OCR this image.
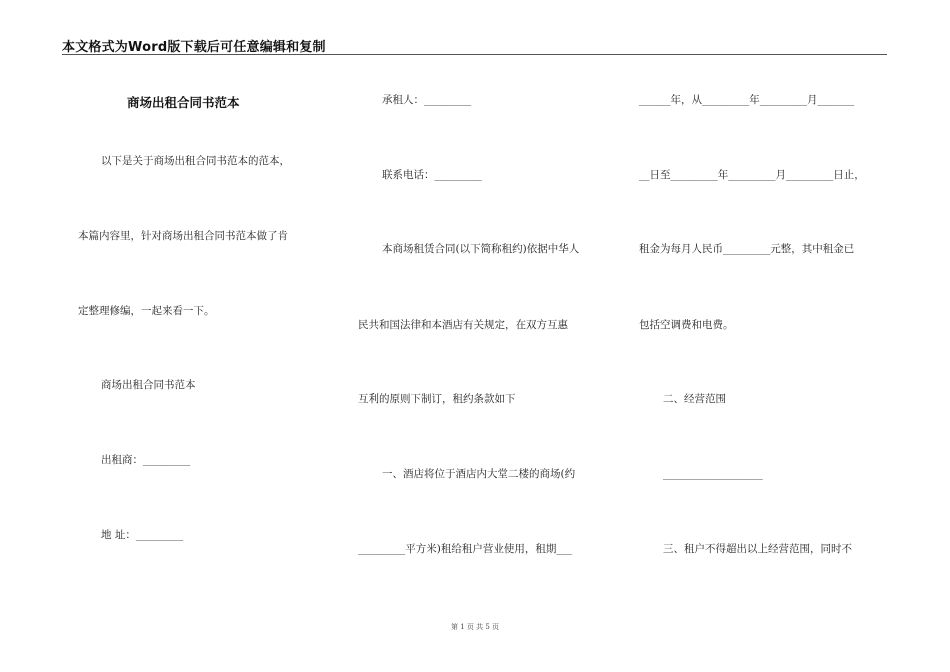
本文格式为Word版下载后可任意编辑和复制
商场出租合同书范本
以下是关于商场出租合同书范本的范本，
本篇内容里，针对商场出租合同书范本做了肯
定整理修编，一起来看一下。
商场出租合同书范本
出租商：_________
地 址：_________
承租人：_________
联系电话：_________
本商场租赁合同(以下简称租约)依据中华人
民共和国法律和本酒店有关规定，在双方互惠
互利的原则下制订，租约条款如下
一、酒店将位于酒店内大堂二楼的商场(约
_________平方米)租给租户营业使用，租期___
______年，从_________年_________月_______
__日至_________年_________月_________日止，
租金为每月人民币_________元整，其中租金已
包括空调费和电费。
二、经营范围
___________________
三、租户不得超出以上经营范围，同时不
第 1 页 共 5 页
